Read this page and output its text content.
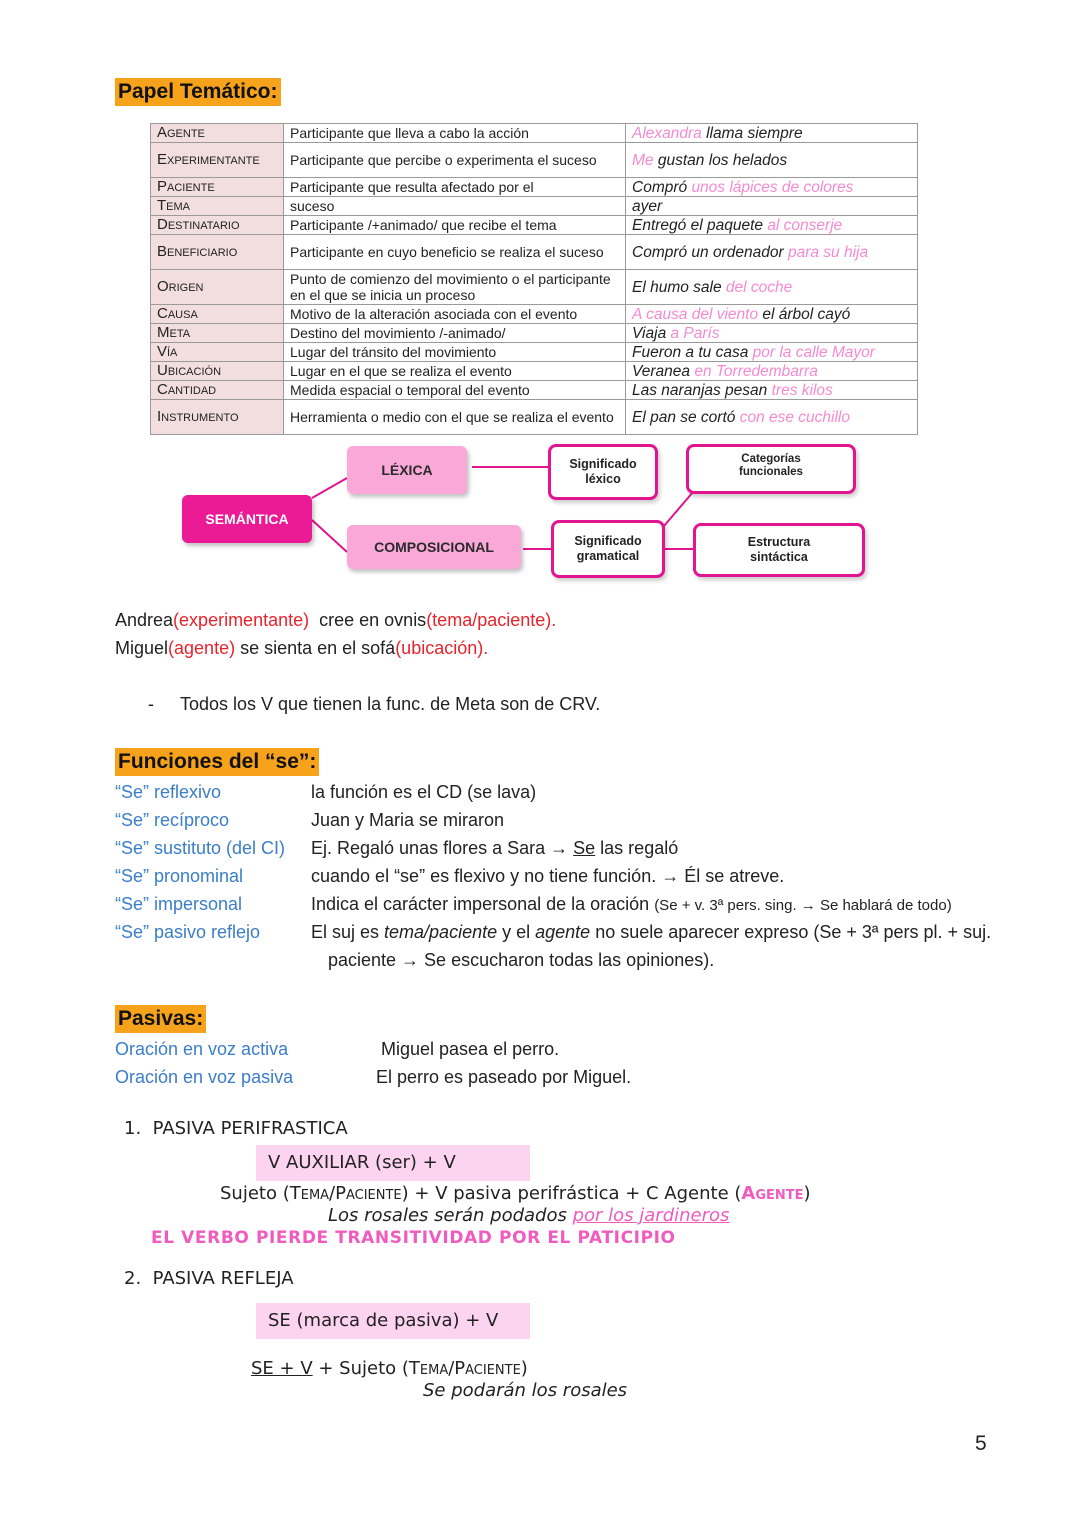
Papel Temático:
Agente	Participante que lleva a cabo la acción	Alexandra llama siempre
Experimentante	Participante que percibe o experimenta el suceso	Me gustan los helados
Paciente	Participante que resulta afectado por el	Compró unos lápices de colores
Tema	suceso	ayer
Destinatario	Participante /+animado/ que recibe el tema	Entregó el paquete al conserje
Beneficiario	Participante en cuyo beneficio se realiza el suceso	Compró un ordenador para su hija
Origen	Punto de comienzo del movimiento o el participante en el que se inicia un proceso	El humo sale del coche
Causa	Motivo de la alteración asociada con el evento	A causa del viento el árbol cayó
Meta	Destino del movimiento /-animado/	Viaja a París
Vía	Lugar del tránsito del movimiento	Fueron a tu casa por la calle Mayor
Ubicación	Lugar en el que se realiza el evento	Veranea en Torredembarra
Cantidad	Medida espacial o temporal del evento	Las naranjas pesan tres kilos
Instrumento	Herramienta o medio con el que se realiza el evento	El pan se cortó con ese cuchillo
SEMÁNTICA
LÉXICA
COMPOSICIONAL
Significado
léxico
Categorías
funcionales
Significado
gramatical
Estructura
sintáctica
Andrea(experimentante)  cree en ovnis(tema/paciente).
Miguel(agente) se sienta en el sofá(ubicación).
- Todos los V que tienen la func. de Meta son de CRV.
Funciones del “se”:
“Se” reflexivo	la función es el CD (se lava)
“Se” recíproco	Juan y Maria se miraron
“Se” sustituto (del CI) Ej. Regaló unas flores a Sara → Se las regaló
“Se” pronominal	cuando el “se” es flexivo y no tiene función. → Él se atreve.
“Se” impersonal	Indica el carácter impersonal de la oración (Se + v. 3ª pers. sing. → Se hablará de todo)
“Se” pasivo reflejo	El suj es tema/paciente y el agente no suele aparecer expreso (Se + 3ª pers pl. + suj.
paciente → Se escucharon todas las opiniones).
Pasivas:
Oración en voz activa	Miguel pasea el perro.
Oración en voz pasiva	El perro es paseado por Miguel.
1.  PASIVA PERIFRASTICA
V AUXILIAR (ser) + V
Sujeto (Tema/Paciente) + V pasiva perifrástica + C Agente (Agente)
Los rosales serán podados por los jardineros
EL VERBO PIERDE TRANSITIVIDAD POR EL PATICIPIO
2.  PASIVA REFLEJA
SE (marca de pasiva) + V
SE + V + Sujeto (Tema/Paciente)
Se podarán los rosales
5
